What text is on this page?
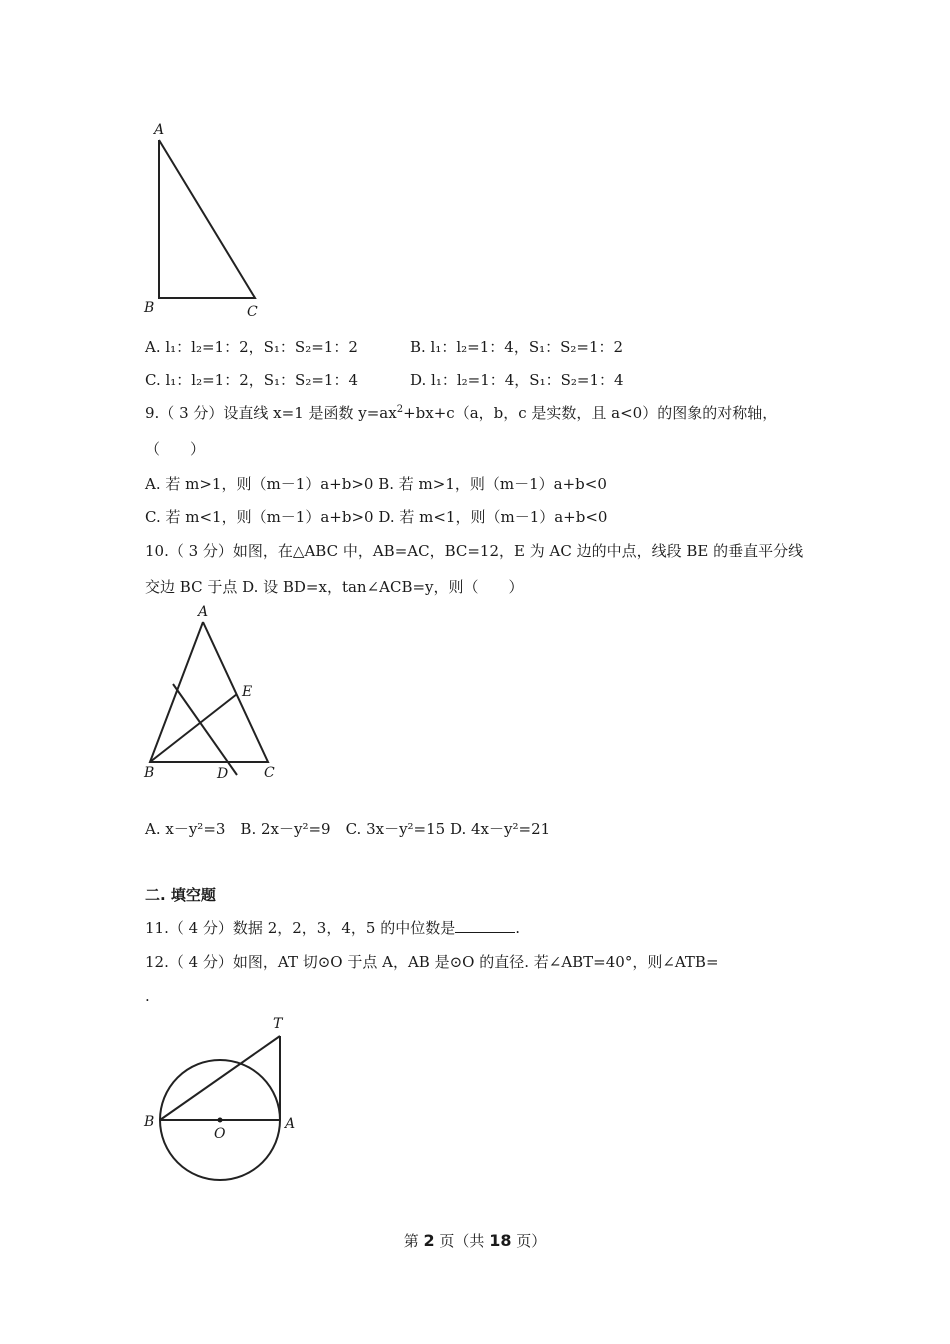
A
B	C
A. l₁：l₂=1：2，S₁：S₂=1：2	B. l₁：l₂=1：4，S₁：S₂=1：2
C. l₁：l₂=1：2，S₁：S₂=1：4	D. l₁：l₂=1：4，S₁：S₂=1：4
9.（ 3 分）设直线 x=1 是函数 $y=ax^2+bx+c(a$，b，c 是实数，且 a<0）的图象的对称轴，
（　　）
A. 若 m>1，则（m－1）a+b>0 B. 若 m>1，则（m－1）a+b<0
C. 若 m<1，则（m－1）a+b>0 D. 若 m<1，则（m－1）a+b<0
10.（ 3 分）如图，在△ABC 中，AB=AC，BC=12，E 为 AC 边的中点，线段 BE 的垂直平分线
交边 BC 于点 D. 设 BD=x，tan∠ACB=y，则（　　）
A
E
B	D	C
A. x－y²=3　B. 2x－y²=9　C. 3x－y²=15 D. 4x－y²=21
二. 填空题
11.（ 4 分）数据 2，2，3，4，5 的中位数是	.
12.（ 4 分）如图，AT 切⊙O 于点 A，AB 是⊙O 的直径. 若∠ABT=40°，则∠ATB=
.
T
B
O
A
第 2 页（共 18 页）
